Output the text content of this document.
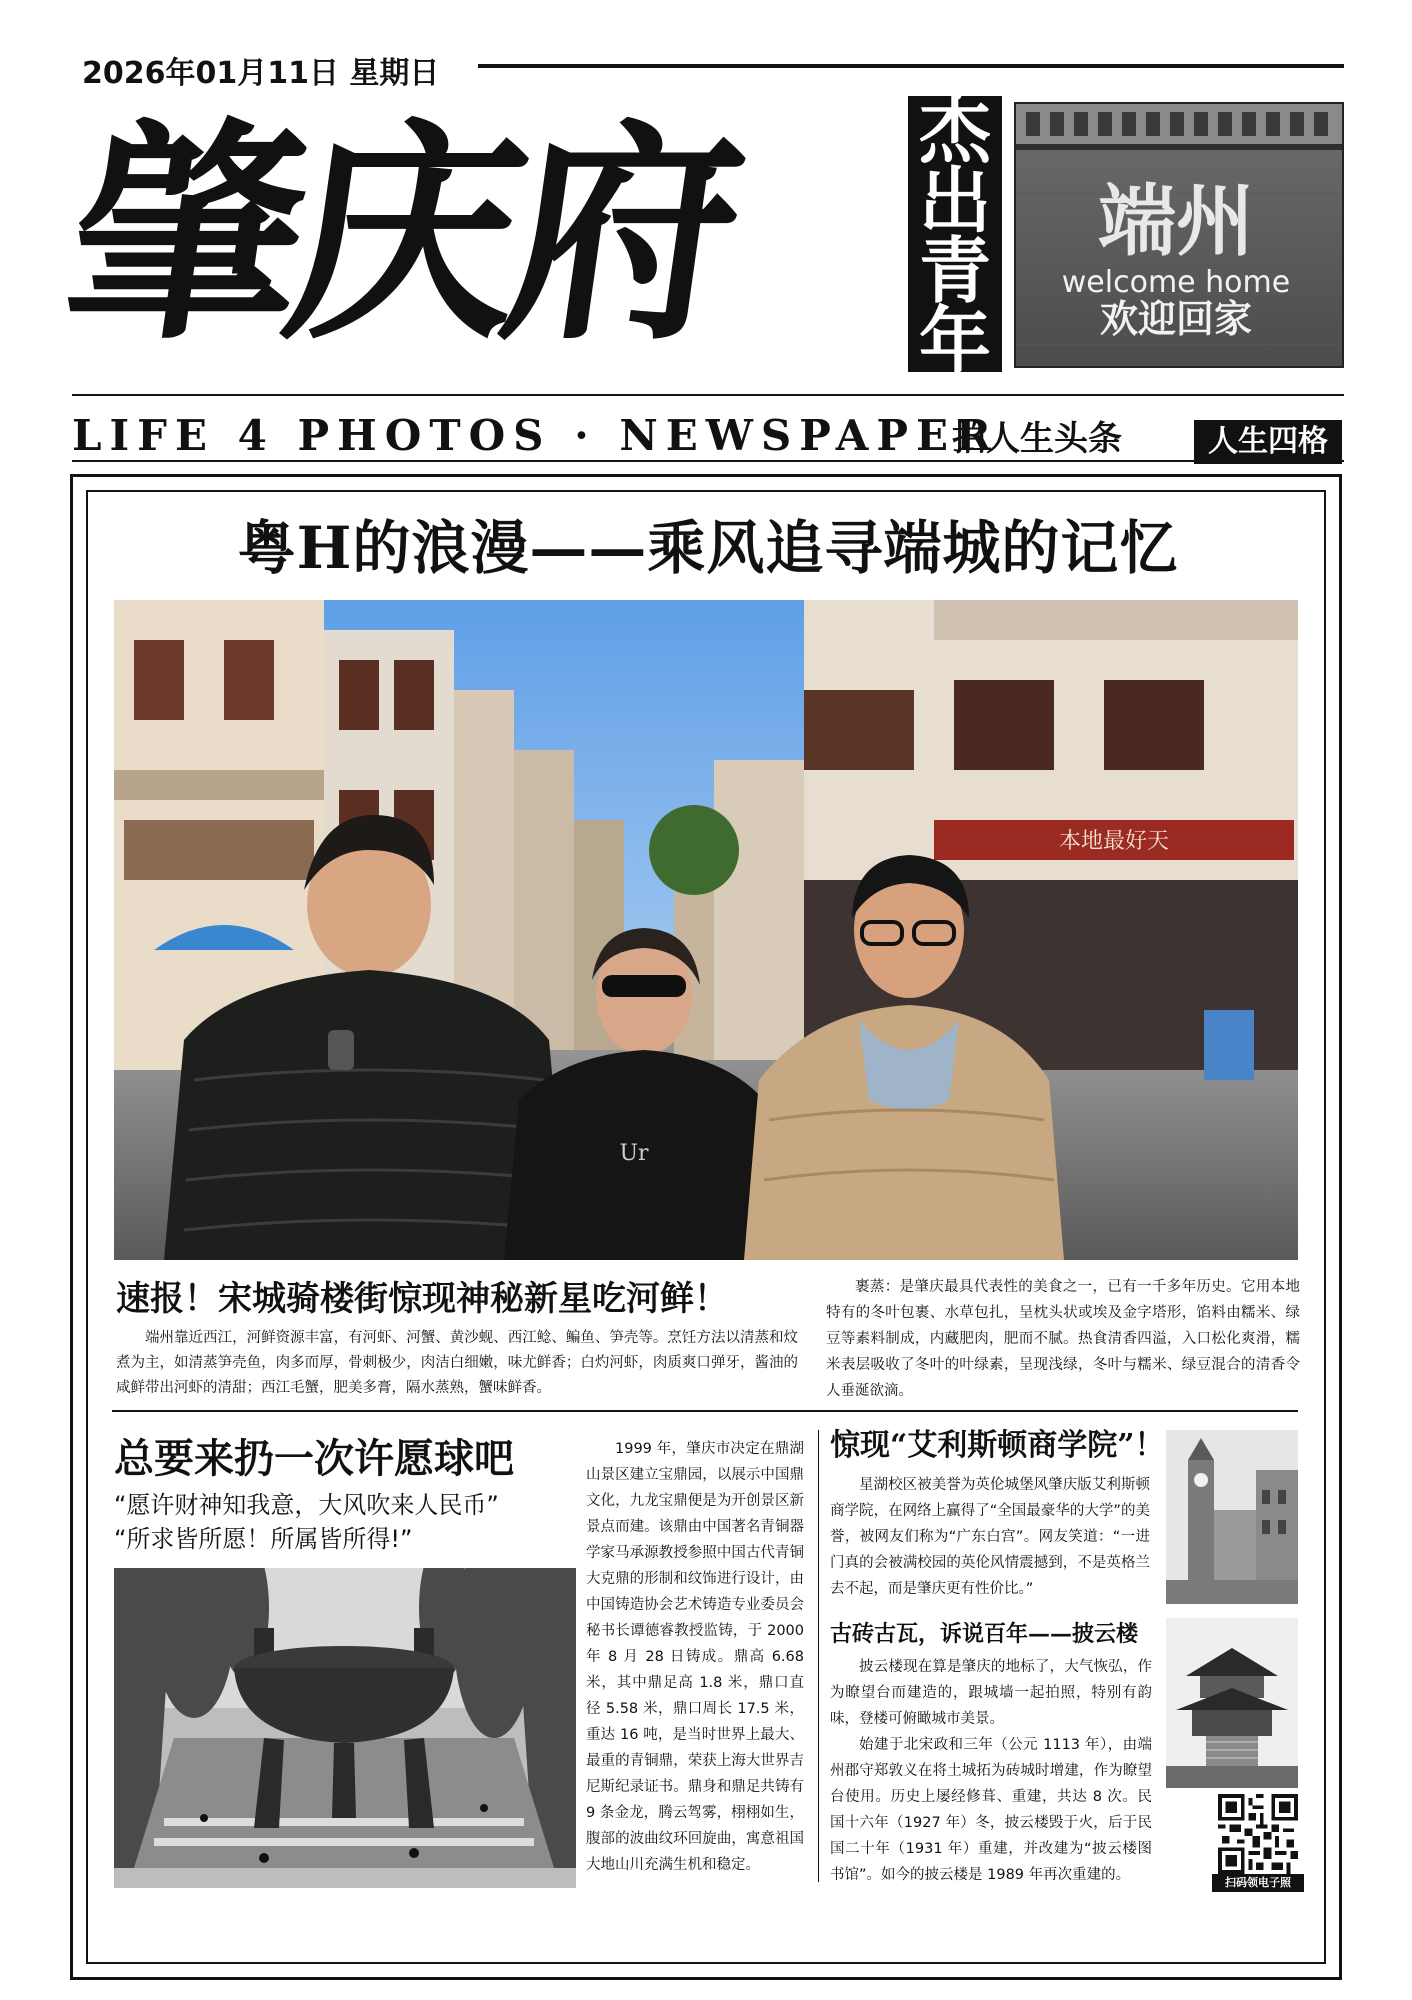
2026年01月11日 星期日
肇庆府	杰
出
青
年
端州
welcome home
欢迎回家
LIFE 4 PHOTOS · NEWSPAPER
拍人生头条	人生四格
粤H的浪漫——乘风追寻端城的记忆
本地最好天
Ur
速报！宋城骑楼街惊现神秘新星吃河鲜！
端州靠近西江，河鲜资源丰富，有河虾、河蟹、黄沙蚬、西江鲶、鳊鱼、笋壳等。烹饪方法以清蒸和炆煮为主，如清蒸笋壳鱼，肉多而厚，骨刺极少，肉洁白细嫩，味尤鲜香；白灼河虾，肉质爽口弹牙，酱油的咸鲜带出河虾的清甜；西江毛蟹，肥美多膏，隔水蒸熟，蟹味鲜香。
裹蒸：是肇庆最具代表性的美食之一，已有一千多年历史。它用本地特有的冬叶包裹、水草包扎，呈枕头状或埃及金字塔形，馅料由糯米、绿豆等素料制成，内藏肥肉，肥而不腻。热食清香四溢，入口松化爽滑，糯米表层吸收了冬叶的叶绿素，呈现浅绿，冬叶与糯米、绿豆混合的清香令人垂涎欲滴。
总要来扔一次许愿球吧
“愿许财神知我意，大风吹来人民币”
“所求皆所愿！所属皆所得!”
1999 年，肇庆市决定在鼎湖山景区建立宝鼎园，以展示中国鼎文化，九龙宝鼎便是为开创景区新景点而建。该鼎由中国著名青铜器学家马承源教授参照中国古代青铜大克鼎的形制和纹饰进行设计，由中国铸造协会艺术铸造专业委员会秘书长谭德睿教授监铸，于 2000 年 8 月 28 日铸成。鼎高 6.68 米，其中鼎足高 1.8 米，鼎口直径 5.58 米，鼎口周长 17.5 米，重达 16 吨，是当时世界上最大、最重的青铜鼎，荣获上海大世界吉尼斯纪录证书。鼎身和鼎足共铸有 9 条金龙，腾云驾雾，栩栩如生，腹部的波曲纹环回旋曲，寓意祖国大地山川充满生机和稳定。
惊现“艾利斯顿商学院”！
星湖校区被美誉为英伦城堡风肇庆版艾利斯顿商学院，在网络上赢得了“全国最豪华的大学”的美誉，被网友们称为“广东白宫”。网友笑道：“一进门真的会被满校园的英伦风情震撼到，不是英格兰去不起，而是肇庆更有性价比。”
古砖古瓦，诉说百年——披云楼
披云楼现在算是肇庆的地标了，大气恢弘，作为瞭望台而建造的，跟城墙一起拍照，特别有韵味，登楼可俯瞰城市美景。
始建于北宋政和三年（公元 1113 年），由端州郡守郑敦义在将土城拓为砖城时增建，作为瞭望台使用。历史上屡经修葺、重建，共达 8 次。民国十六年（1927 年）冬，披云楼毁于火，后于民国二十年（1931 年）重建，并改建为“披云楼图书馆”。如今的披云楼是 1989 年再次重建的。	扫码领电子照
